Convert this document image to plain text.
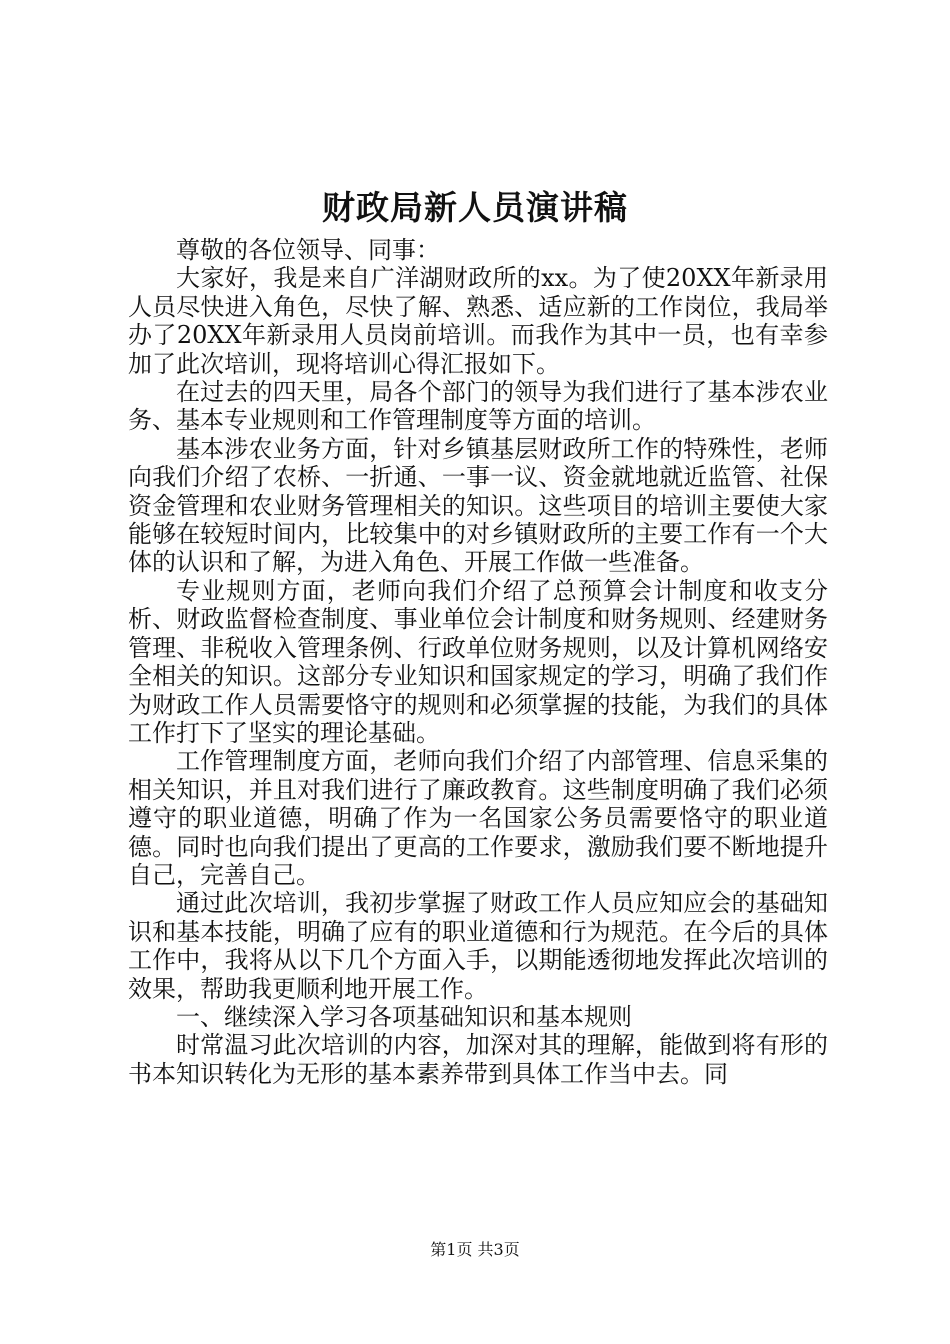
财政局新人员演讲稿

尊敬的各位领导、同事：

大家好，我是来自广洋湖财政所的xx。为了使20XX年新录用人员尽快进入角色，尽快了解、熟悉、适应新的工作岗位，我局举办了20XX年新录用人员岗前培训。而我作为其中一员，也有幸参加了此次培训，现将培训心得汇报如下。

在过去的四天里，局各个部门的领导为我们进行了基本涉农业务、基本专业规则和工作管理制度等方面的培训。

基本涉农业务方面，针对乡镇基层财政所工作的特殊性，老师向我们介绍了农桥、一折通、一事一议、资金就地就近监管、社保资金管理和农业财务管理相关的知识。这些项目的培训主要使大家能够在较短时间内，比较集中的对乡镇财政所的主要工作有一个大体的认识和了解，为进入角色、开展工作做一些准备。

专业规则方面，老师向我们介绍了总预算会计制度和收支分析、财政监督检查制度、事业单位会计制度和财务规则、经建财务管理、非税收入管理条例、行政单位财务规则，以及计算机网络安全相关的知识。这部分专业知识和国家规定的学习，明确了我们作为财政工作人员需要恪守的规则和必须掌握的技能，为我们的具体工作打下了坚实的理论基础。

工作管理制度方面，老师向我们介绍了内部管理、信息采集的相关知识，并且对我们进行了廉政教育。这些制度明确了我们必须遵守的职业道德，明确了作为一名国家公务员需要恪守的职业道德。同时也向我们提出了更高的工作要求，激励我们要不断地提升自己，完善自己。

通过此次培训，我初步掌握了财政工作人员应知应会的基础知识和基本技能，明确了应有的职业道德和行为规范。在今后的具体工作中，我将从以下几个方面入手，以期能透彻地发挥此次培训的效果，帮助我更顺利地开展工作。

一、继续深入学习各项基础知识和基本规则

时常温习此次培训的内容，加深对其的理解，能做到将有形的书本知识转化为无形的基本素养带到具体工作当中去。同

第1页 共3页
